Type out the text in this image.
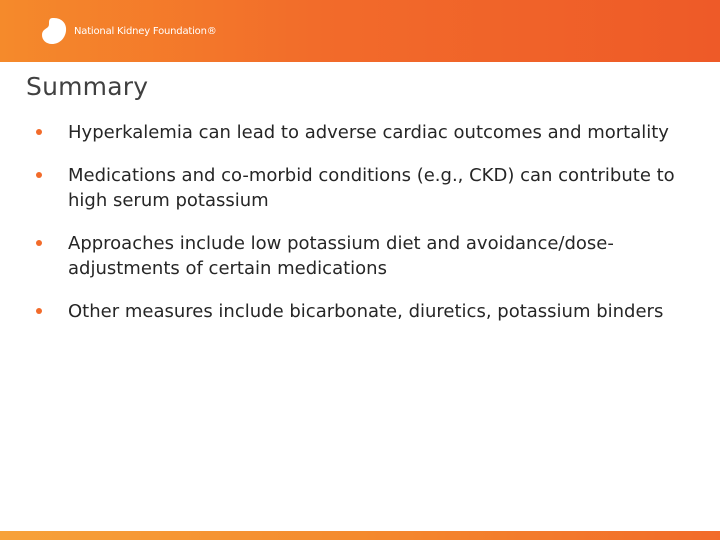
National Kidney Foundation®
Summary
Hyperkalemia can lead to adverse cardiac outcomes and mortality
Medications and co-morbid conditions (e.g., CKD) can contribute to high serum potassium
Approaches include low potassium diet and avoidance/dose-adjustments of certain medications
Other measures include bicarbonate, diuretics, potassium binders
